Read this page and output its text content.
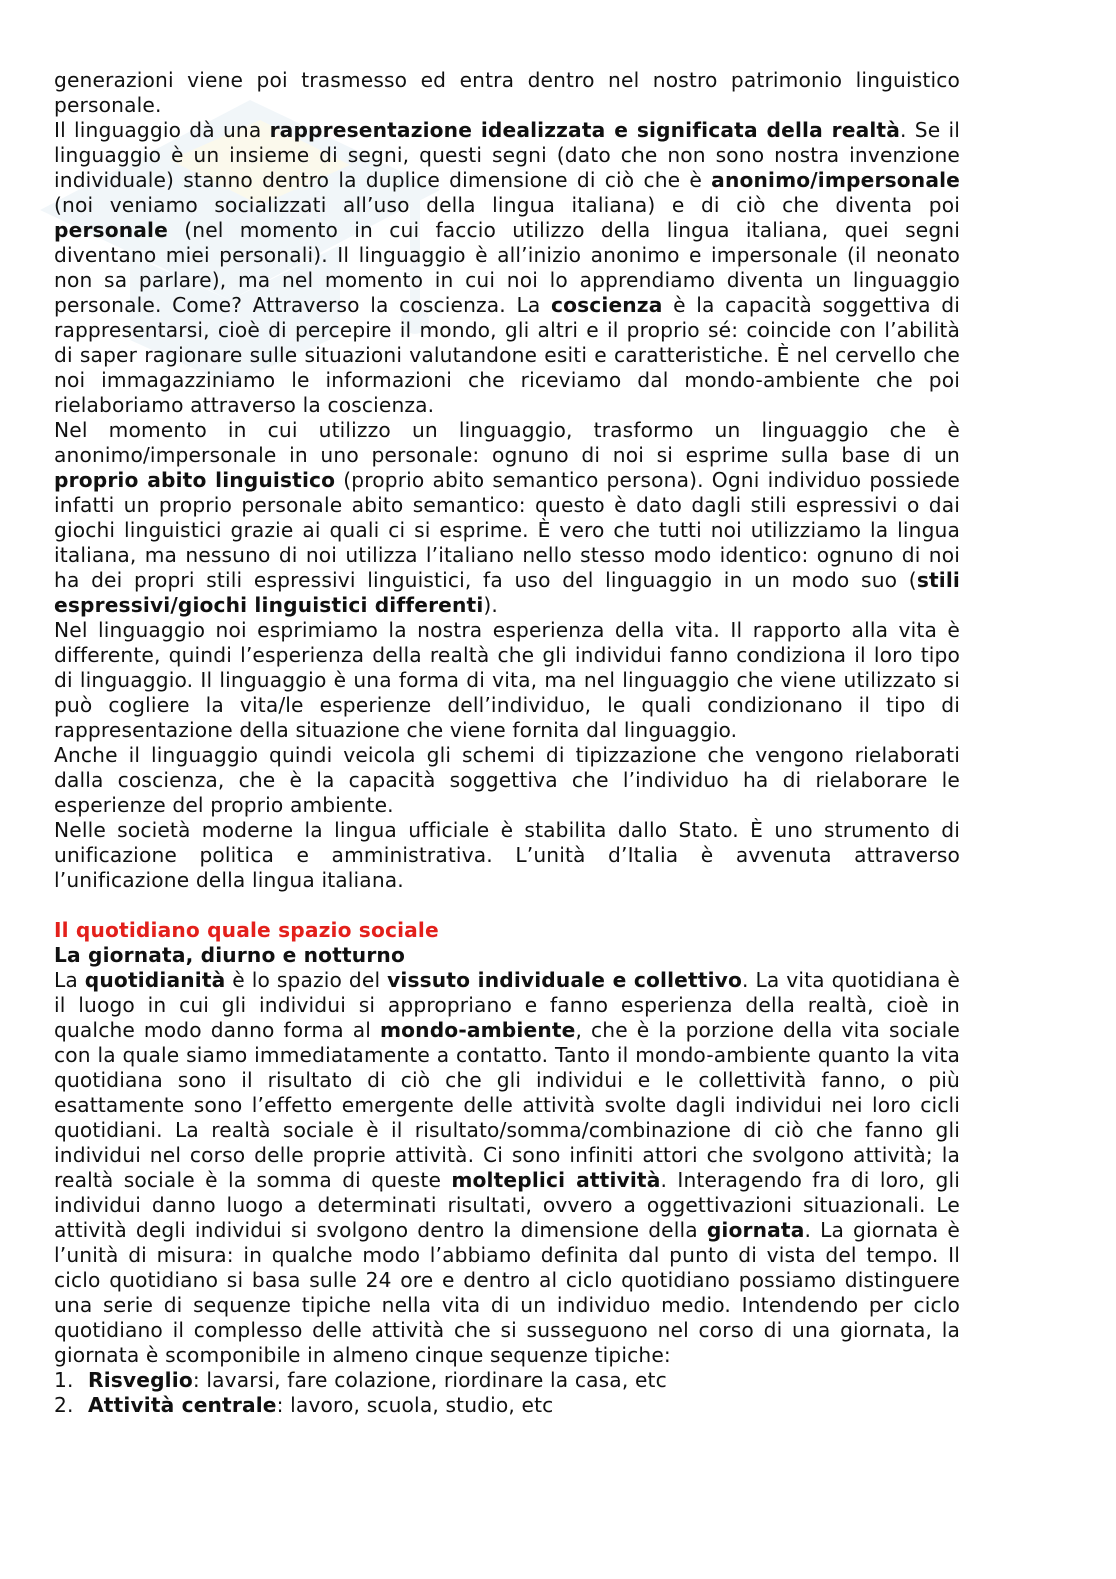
generazioni viene poi trasmesso ed entra dentro nel nostro patrimonio linguistico personale.

Il linguaggio dà una rappresentazione idealizzata e significata della realtà. Se il linguaggio è un insieme di segni, questi segni (dato che non sono nostra invenzione individuale) stanno dentro la duplice dimensione di ciò che è anonimo/impersonale (noi veniamo socializzati all’uso della lingua italiana) e di ciò che diventa poi personale (nel momento in cui faccio utilizzo della lingua italiana, quei segni diventano miei personali). Il linguaggio è all’inizio anonimo e impersonale (il neonato non sa parlare), ma nel momento in cui noi lo apprendiamo diventa un linguaggio personale. Come? Attraverso la coscienza. La coscienza è la capacità soggettiva di rappresentarsi, cioè di percepire il mondo, gli altri e il proprio sé: coincide con l’abilità di saper ragionare sulle situazioni valutandone esiti e caratteristiche. È nel cervello che noi immagazziniamo le informazioni che riceviamo dal mondo-ambiente che poi rielaboriamo attraverso la coscienza.

Nel momento in cui utilizzo un linguaggio, trasformo un linguaggio che è anonimo/impersonale in uno personale: ognuno di noi si esprime sulla base di un proprio abito linguistico (proprio abito semantico persona). Ogni individuo possiede infatti un proprio personale abito semantico: questo è dato dagli stili espressivi o dai giochi linguistici grazie ai quali ci si esprime. È vero che tutti noi utilizziamo la lingua italiana, ma nessuno di noi utilizza l’italiano nello stesso modo identico: ognuno di noi ha dei propri stili espressivi linguistici, fa uso del linguaggio in un modo suo (stili espressivi/giochi linguistici differenti).

Nel linguaggio noi esprimiamo la nostra esperienza della vita. Il rapporto alla vita è differente, quindi l’esperienza della realtà che gli individui fanno condiziona il loro tipo di linguaggio. Il linguaggio è una forma di vita, ma nel linguaggio che viene utilizzato si può cogliere la vita/le esperienze dell’individuo, le quali condizionano il tipo di rappresentazione della situazione che viene fornita dal linguaggio.

Anche il linguaggio quindi veicola gli schemi di tipizzazione che vengono rielaborati dalla coscienza, che è la capacità soggettiva che l’individuo ha di rielaborare le esperienze del proprio ambiente.

Nelle società moderne la lingua ufficiale è stabilita dallo Stato. È uno strumento di unificazione politica e amministrativa. L’unità d’Italia è avvenuta attraverso l’unificazione della lingua italiana.

Il quotidiano quale spazio sociale
La giornata, diurno e notturno

La quotidianità è lo spazio del vissuto individuale e collettivo. La vita quotidiana è il luogo in cui gli individui si appropriano e fanno esperienza della realtà, cioè in qualche modo danno forma al mondo-ambiente, che è la porzione della vita sociale con la quale siamo immediatamente a contatto. Tanto il mondo-ambiente quanto la vita quotidiana sono il risultato di ciò che gli individui e le collettività fanno, o più esattamente sono l’effetto emergente delle attività svolte dagli individui nei loro cicli quotidiani. La realtà sociale è il risultato/somma/combinazione di ciò che fanno gli individui nel corso delle proprie attività. Ci sono infiniti attori che svolgono attività; la realtà sociale è la somma di queste molteplici attività. Interagendo fra di loro, gli individui danno luogo a determinati risultati, ovvero a oggettivazioni situazionali. Le attività degli individui si svolgono dentro la dimensione della giornata. La giornata è l’unità di misura: in qualche modo l’abbiamo definita dal punto di vista del tempo. Il ciclo quotidiano si basa sulle 24 ore e dentro al ciclo quotidiano possiamo distinguere una serie di sequenze tipiche nella vita di un individuo medio. Intendendo per ciclo quotidiano il complesso delle attività che si susseguono nel corso di una giornata, la giornata è scomponibile in almeno cinque sequenze tipiche:

1. Risveglio: lavarsi, fare colazione, riordinare la casa, etc
2. Attività centrale: lavoro, scuola, studio, etc
